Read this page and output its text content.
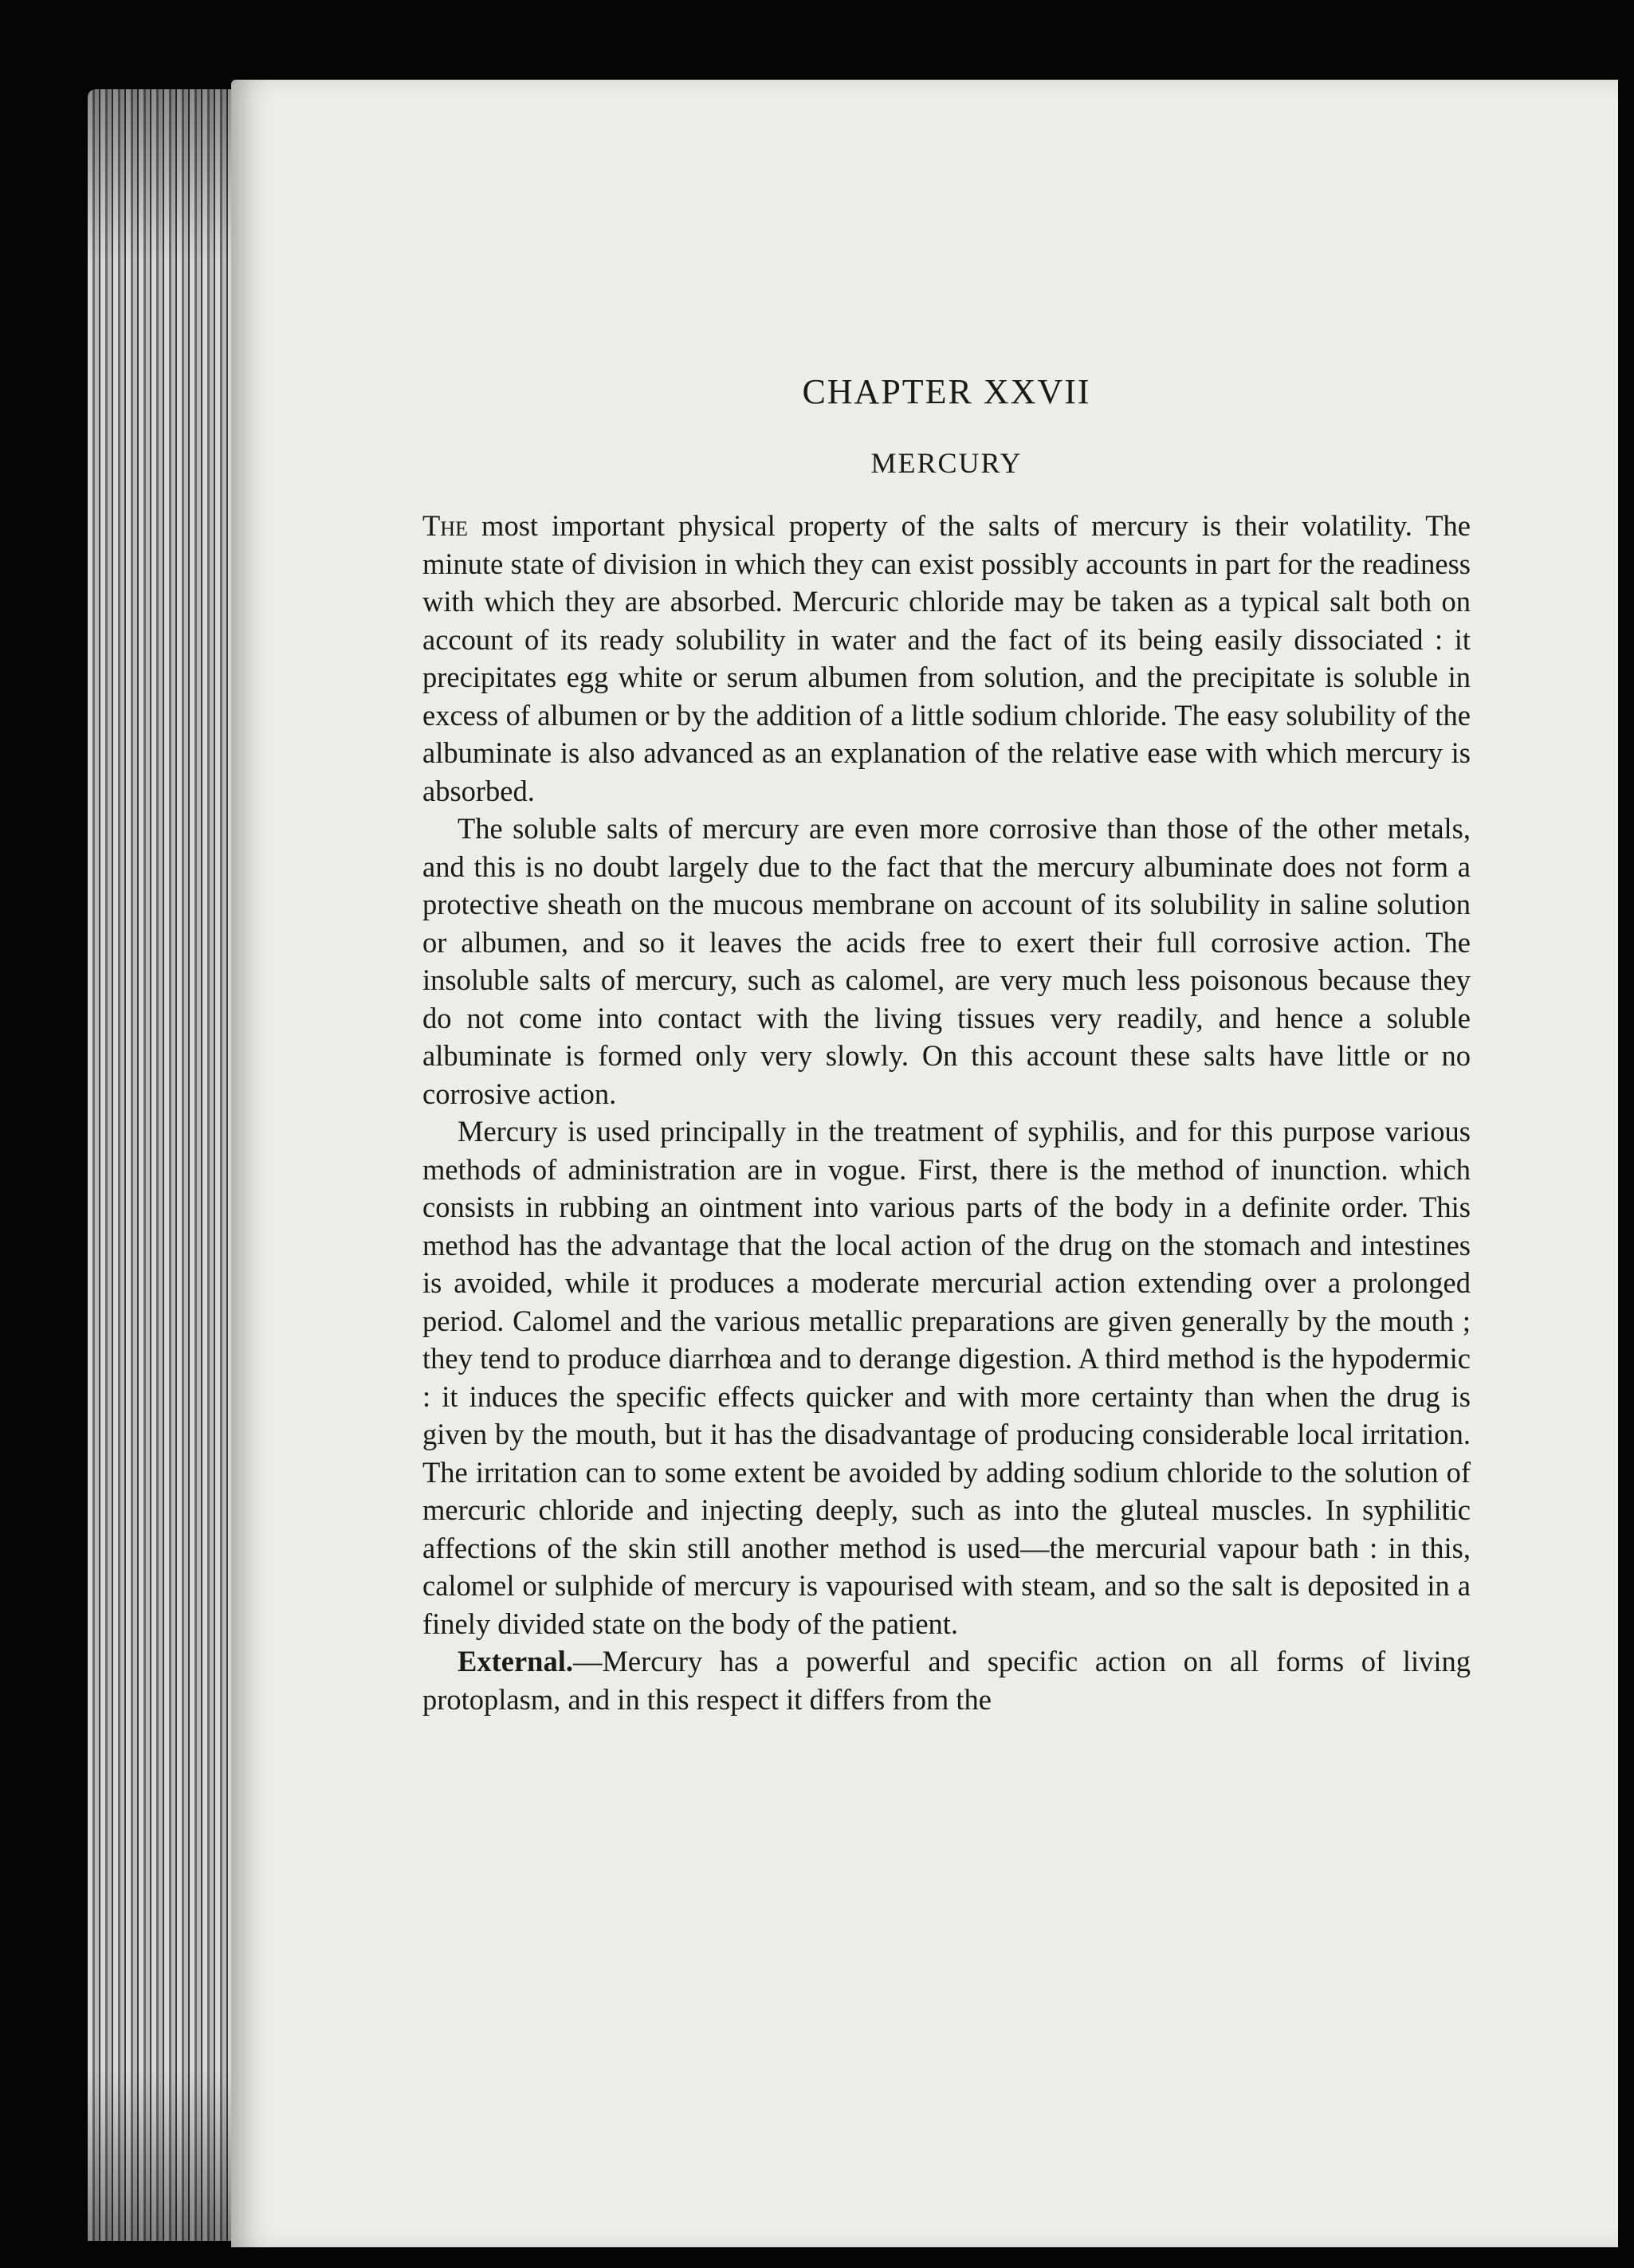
CHAPTER XXVII
MERCURY

The most important physical property of the salts of mercury is their volatility. The minute state of division in which they can exist possibly accounts in part for the readiness with which they are absorbed. Mercuric chloride may be taken as a typical salt both on account of its ready solubility in water and the fact of its being easily dissociated : it precipitates egg white or serum albumen from solution, and the precipitate is soluble in excess of albumen or by the addition of a little sodium chloride. The easy solubility of the albuminate is also advanced as an explanation of the relative ease with which mercury is absorbed.

The soluble salts of mercury are even more corrosive than those of the other metals, and this is no doubt largely due to the fact that the mercury albuminate does not form a protective sheath on the mucous membrane on account of its solubility in saline solution or albumen, and so it leaves the acids free to exert their full corrosive action. The insoluble salts of mercury, such as calomel, are very much less poisonous because they do not come into contact with the living tissues very readily, and hence a soluble albuminate is formed only very slowly. On this account these salts have little or no corrosive action.

Mercury is used principally in the treatment of syphilis, and for this purpose various methods of administration are in vogue. First, there is the method of inunction. which consists in rubbing an ointment into various parts of the body in a definite order. This method has the advantage that the local action of the drug on the stomach and intestines is avoided, while it produces a moderate mercurial action extending over a prolonged period. Calomel and the various metallic preparations are given generally by the mouth ; they tend to produce diarrhœa and to derange digestion. A third method is the hypodermic : it induces the specific effects quicker and with more certainty than when the drug is given by the mouth, but it has the disadvantage of producing considerable local irritation. The irritation can to some extent be avoided by adding sodium chloride to the solution of mercuric chloride and injecting deeply, such as into the gluteal muscles. In syphilitic affections of the skin still another method is used—the mercurial vapour bath : in this, calomel or sulphide of mercury is vapourised with steam, and so the salt is deposited in a finely divided state on the body of the patient.

External.—Mercury has a powerful and specific action on all forms of living protoplasm, and in this respect it differs from the
